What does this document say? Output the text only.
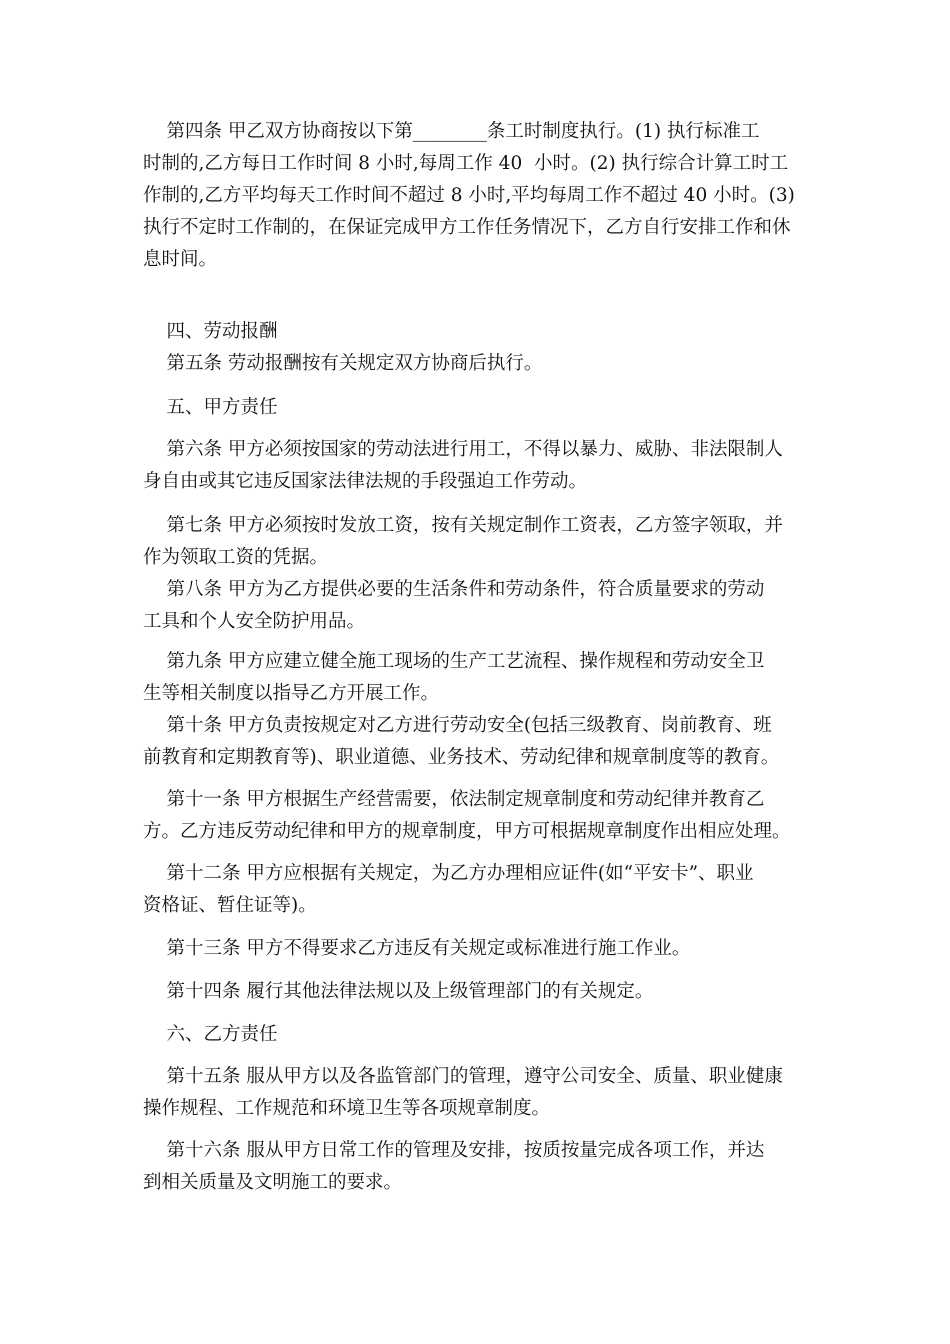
第四条 甲乙双方协商按以下第________条工时制度执行。(1) 执行标准工

时制的,乙方每日工作时间 8 小时,每周工作 40  小时。(2) 执行综合计算工时工

作制的,乙方平均每天工作时间不超过 8 小时,平均每周工作不超过 40 小时。(3)

执行不定时工作制的，在保证完成甲方工作任务情况下，乙方自行安排工作和休

息时间。

四、劳动报酬

第五条 劳动报酬按有关规定双方协商后执行。

五、甲方责任

第六条 甲方必须按国家的劳动法进行用工，不得以暴力、威胁、非法限制人

身自由或其它违反国家法律法规的手段强迫工作劳动。

第七条 甲方必须按时发放工资，按有关规定制作工资表，乙方签字领取，并

作为领取工资的凭据。

第八条 甲方为乙方提供必要的生活条件和劳动条件，符合质量要求的劳动

工具和个人安全防护用品。

第九条 甲方应建立健全施工现场的生产工艺流程、操作规程和劳动安全卫

生等相关制度以指导乙方开展工作。

第十条 甲方负责按规定对乙方进行劳动安全(包括三级教育、岗前教育、班

前教育和定期教育等)、职业道德、业务技术、劳动纪律和规章制度等的教育。

第十一条 甲方根据生产经营需要，依法制定规章制度和劳动纪律并教育乙

方。乙方违反劳动纪律和甲方的规章制度，甲方可根据规章制度作出相应处理。

第十二条 甲方应根据有关规定，为乙方办理相应证件(如“平安卡”、职业

资格证、暂住证等)。

第十三条 甲方不得要求乙方违反有关规定或标准进行施工作业。

第十四条 履行其他法律法规以及上级管理部门的有关规定。

六、乙方责任

第十五条 服从甲方以及各监管部门的管理，遵守公司安全、质量、职业健康

操作规程、工作规范和环境卫生等各项规章制度。

第十六条 服从甲方日常工作的管理及安排，按质按量完成各项工作，并达

到相关质量及文明施工的要求。
